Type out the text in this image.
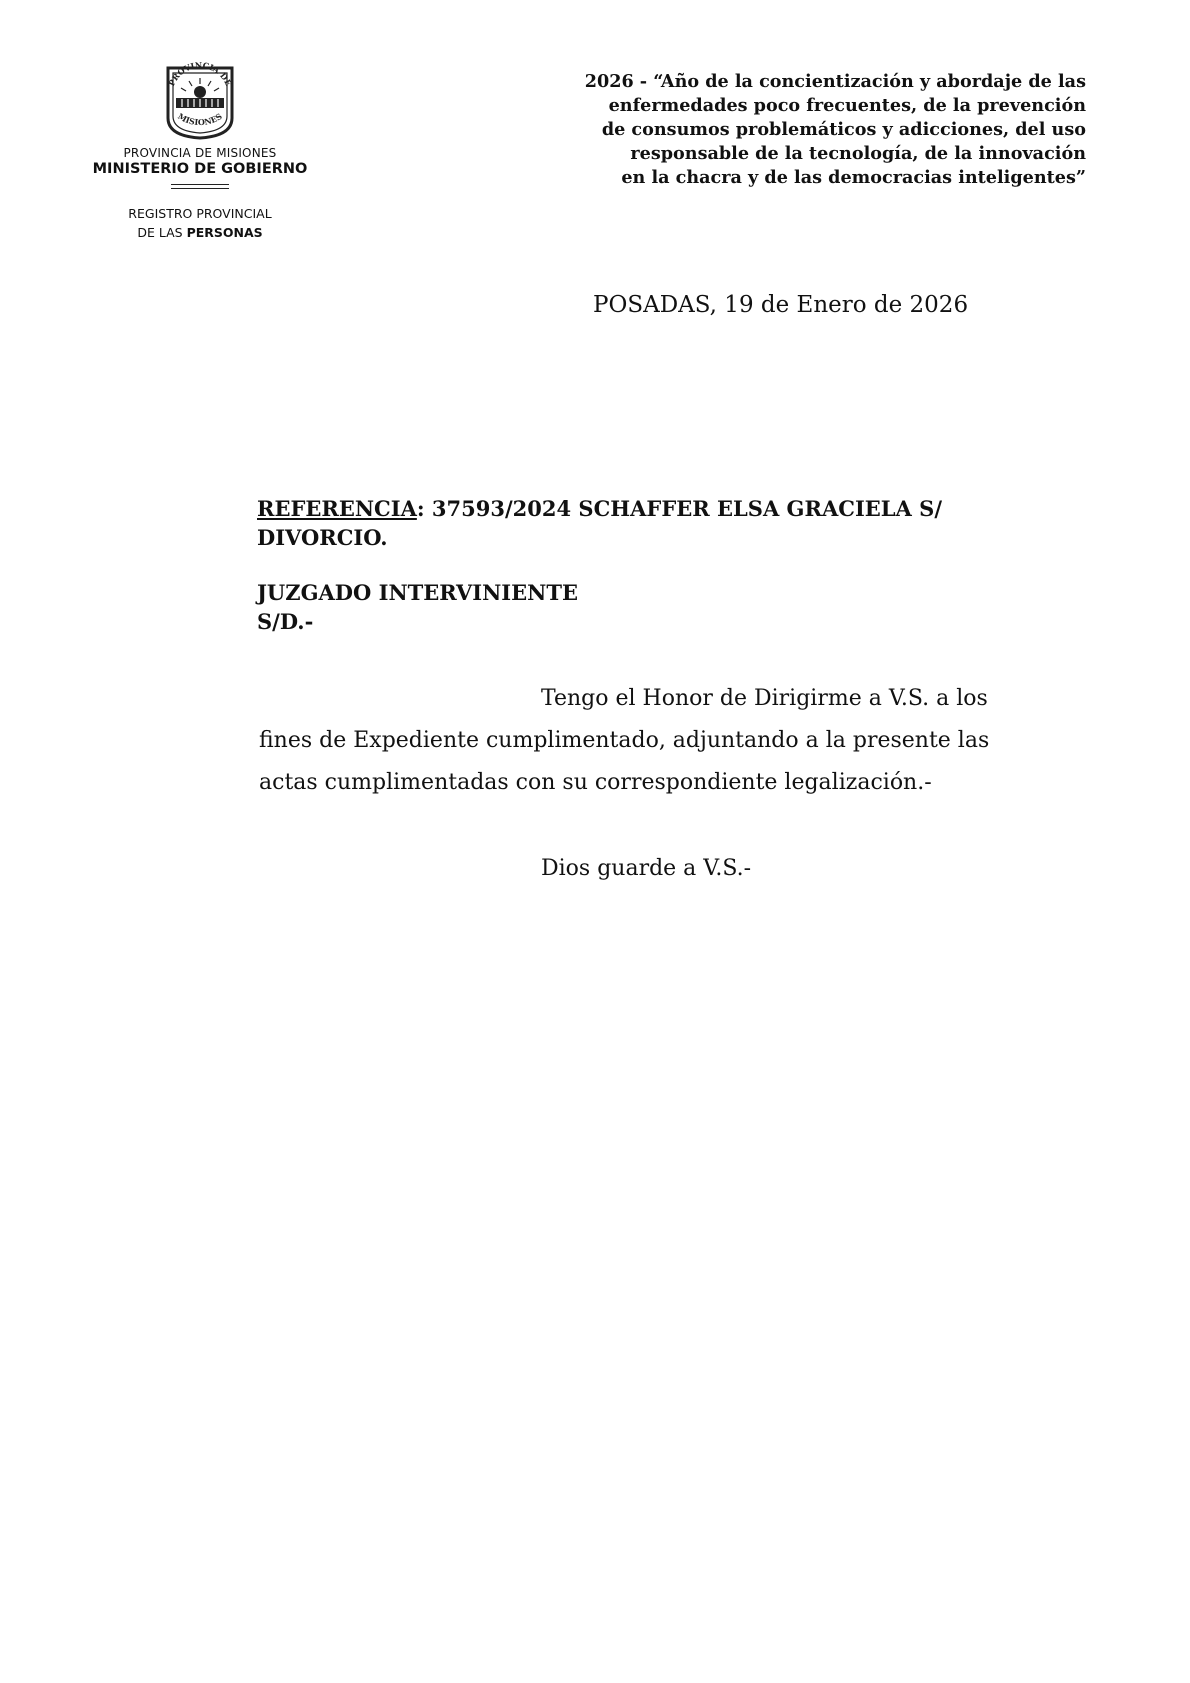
PROVINCIA DE
MISIONES
PROVINCIA DE MISIONES
MINISTERIO DE GOBIERNO
REGISTRO PROVINCIAL
DE LAS PERSONAS
2026 - “Año de la concientización y abordaje de las
enfermedades poco frecuentes, de la prevención
de consumos problemáticos y adicciones, del uso
responsable de la tecnología, de la innovación
en la chacra y de las democracias inteligentes”
POSADAS, 19 de Enero de 2026
REFERENCIA: 37593/2024 SCHAFFER ELSA GRACIELA S/
DIVORCIO.
JUZGADO INTERVINIENTE
S/D.-
Tengo el Honor de Dirigirme a V.S. a los
fines de Expediente cumplimentado, adjuntando a la presente las
actas cumplimentadas con su correspondiente legalización.-
Dios guarde a V.S.-
